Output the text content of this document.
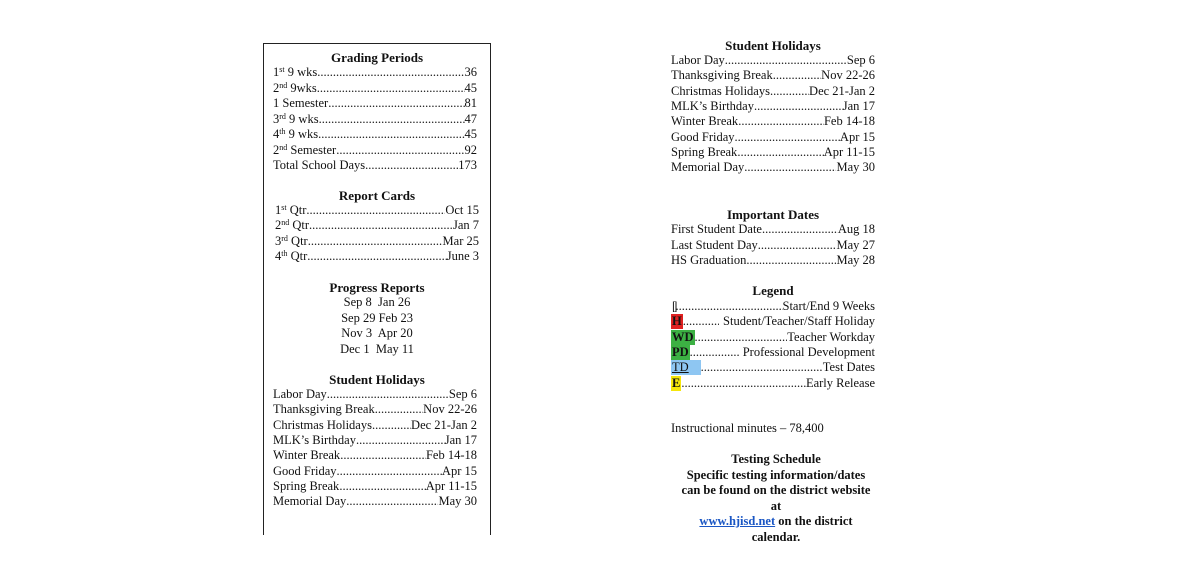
Grading Periods
1st 9 wks .....	36
2nd 9wks .....	45
1 Semester .....	81
3rd 9 wks .....	47
4th 9 wks .....	45
2nd Semester .....	92
Total School Days .....	173
Report Cards
1st Qtr .....	Oct 15
2nd Qtr .....	Jan 7
3rd Qtr .....	Mar 25
4th Qtr .....	June 3
Progress Reports
Sep 8  Jan 26
Sep 29 Feb 23
Nov 3  Apr 20
Dec 1  May 11
Student Holidays
Labor Day .....	Sep 6
Thanksgiving Break .....	Nov 22-26
Christmas Holidays .....	Dec 21-Jan 2
MLK’s Birthday .....	Jan 17
Winter Break .....	Feb 14-18
Good Friday .....	Apr 15
Spring Break .....	Apr 11-15
Memorial Day .....	May 30
Student Holidays
Labor Day .....	Sep 6
Thanksgiving Break .....	Nov 22-26
Christmas Holidays .....	Dec 21-Jan 2
MLK’s Birthday .....	Jan 17
Winter Break .....	Feb 14-18
Good Friday .....	Apr 15
Spring Break .....	Apr 11-15
Memorial Day .....	May 30
Important Dates
First Student Date .....	Aug 18
Last Student Day .....	May 27
HS Graduation .....	May 28
Legend
[ ] .....	Start/End 9 Weeks
H .....	Student/Teacher/Staff Holiday
WD .....	Teacher Workday
PD .....	Professional Development
TD .....	Test Dates
E .....	Early Release
Instructional minutes – 78,400
Testing Schedule
Specific testing information/dates
can be found on the district website
at
www.hjisd.net on the district
calendar.
